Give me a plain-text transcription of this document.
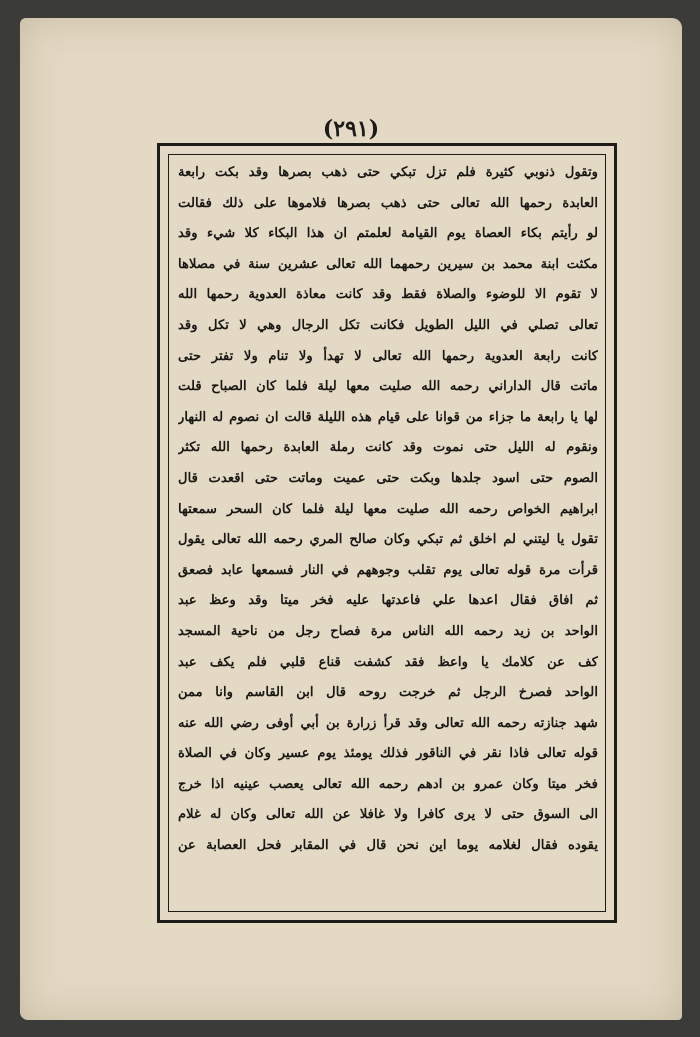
(٢٩١)
وتقول ذنوبي كثيرة فلم تزل تبكي حتى ذهب بصرها وقد بكت رابعة
العابدة رحمها الله تعالى حتى ذهب بصرها فلاموها على ذلك فقالت
لو رأيتم بكاء العصاة يوم القيامة لعلمتم ان هذا البكاء كلا شيء وقد
مكثت ابنة محمد بن سيرين رحمهما الله تعالى عشرين سنة في مصلاها
لا تقوم الا للوضوء والصلاة فقط وقد كانت معاذة العدوية رحمها الله
تعالى تصلي في الليل الطويل فكانت تكل الرجال وهي لا تكل وقد
كانت رابعة العدوية رحمها الله تعالى لا تهدأ ولا تنام ولا تفتر حتى
ماتت قال الداراني رحمه الله صليت معها ليلة فلما كان الصباح قلت
لها يا رابعة ما جزاء من قوانا على قيام هذه الليلة قالت ان نصوم له النهار
ونقوم له الليل حتى نموت وقد كانت رملة العابدة رحمها الله تكثر
الصوم حتى اسود جلدها وبكت حتى عميت وماتت حتى اقعدت قال
ابراهيم الخواص رحمه الله صليت معها ليلة فلما كان السحر سمعتها
تقول يا ليتني لم اخلق ثم تبكي وكان صالح المري رحمه الله تعالى يقول
قرأت مرة قوله تعالى يوم تقلب وجوههم في النار فسمعها عابد فصعق
ثم افاق فقال اعدها علي فاعدتها عليه فخر ميتا وقد وعظ عبد
الواحد بن زيد رحمه الله الناس مرة فصاح رجل من ناحية المسجد
كف عن كلامك يا واعظ فقد كشفت قناع قلبي فلم يكف عبد
الواحد فصرخ الرجل ثم خرجت روحه قال ابن القاسم وانا ممن
شهد جنازته رحمه الله تعالى وقد قرأ زرارة بن أبي أوفى رضي الله عنه
قوله تعالى فاذا نقر في الناقور فذلك يومئذ يوم عسير وكان في الصلاة
فخر ميتا وكان عمرو بن ادهم رحمه الله تعالى يعصب عينيه اذا خرج
الى السوق حتى لا يرى كافرا ولا غافلا عن الله تعالى وكان له غلام
يقوده فقال لغلامه يوما اين نحن قال في المقابر فحل العصابة عن
